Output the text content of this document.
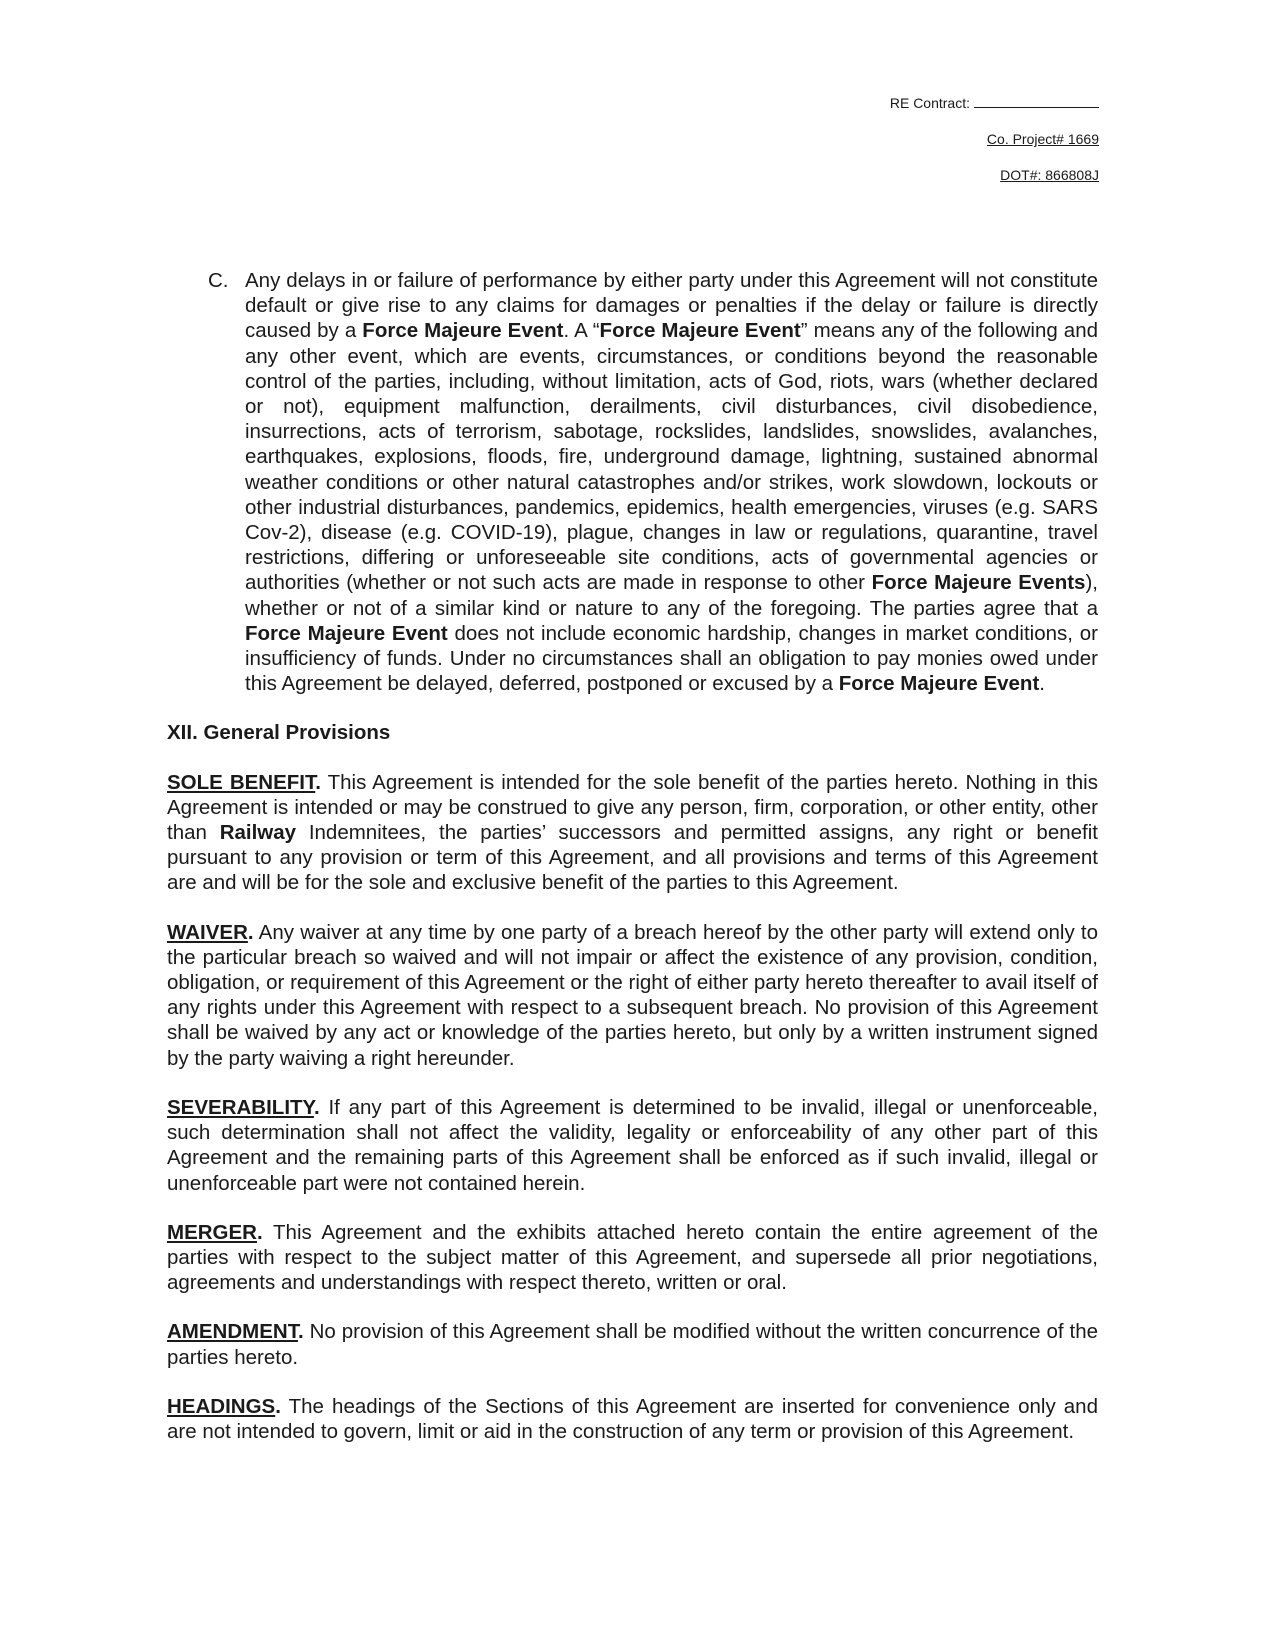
RE Contract:
Co. Project# 1669
DOT#: 866808J
C. Any delays in or failure of performance by either party under this Agreement will not constitute default or give rise to any claims for damages or penalties if the delay or failure is directly caused by a Force Majeure Event. A “Force Majeure Event” means any of the following and any other event, which are events, circumstances, or conditions beyond the reasonable control of the parties, including, without limitation, acts of God, riots, wars (whether declared or not), equipment malfunction, derailments, civil disturbances, civil disobedience, insurrections, acts of terrorism, sabotage, rockslides, landslides, snowslides, avalanches, earthquakes, explosions, floods, fire, underground damage, lightning, sustained abnormal weather conditions or other natural catastrophes and/or strikes, work slowdown, lockouts or other industrial disturbances, pandemics, epidemics, health emergencies, viruses (e.g. SARS Cov-2), disease (e.g. COVID-19), plague, changes in law or regulations, quarantine, travel restrictions, differing or unforeseeable site conditions, acts of governmental agencies or authorities (whether or not such acts are made in response to other Force Majeure Events), whether or not of a similar kind or nature to any of the foregoing. The parties agree that a Force Majeure Event does not include economic hardship, changes in market conditions, or insufficiency of funds. Under no circumstances shall an obligation to pay monies owed under this Agreement be delayed, deferred, postponed or excused by a Force Majeure Event.
XII. General Provisions
SOLE BENEFIT. This Agreement is intended for the sole benefit of the parties hereto. Nothing in this Agreement is intended or may be construed to give any person, firm, corporation, or other entity, other than Railway Indemnitees, the parties’ successors and permitted assigns, any right or benefit pursuant to any provision or term of this Agreement, and all provisions and terms of this Agreement are and will be for the sole and exclusive benefit of the parties to this Agreement.
WAIVER. Any waiver at any time by one party of a breach hereof by the other party will extend only to the particular breach so waived and will not impair or affect the existence of any provision, condition, obligation, or requirement of this Agreement or the right of either party hereto thereafter to avail itself of any rights under this Agreement with respect to a subsequent breach. No provision of this Agreement shall be waived by any act or knowledge of the parties hereto, but only by a written instrument signed by the party waiving a right hereunder.
SEVERABILITY. If any part of this Agreement is determined to be invalid, illegal or unenforceable, such determination shall not affect the validity, legality or enforceability of any other part of this Agreement and the remaining parts of this Agreement shall be enforced as if such invalid, illegal or unenforceable part were not contained herein.
MERGER. This Agreement and the exhibits attached hereto contain the entire agreement of the parties with respect to the subject matter of this Agreement, and supersede all prior negotiations, agreements and understandings with respect thereto, written or oral.
AMENDMENT. No provision of this Agreement shall be modified without the written concurrence of the parties hereto.
HEADINGS. The headings of the Sections of this Agreement are inserted for convenience only and are not intended to govern, limit or aid in the construction of any term or provision of this Agreement.
